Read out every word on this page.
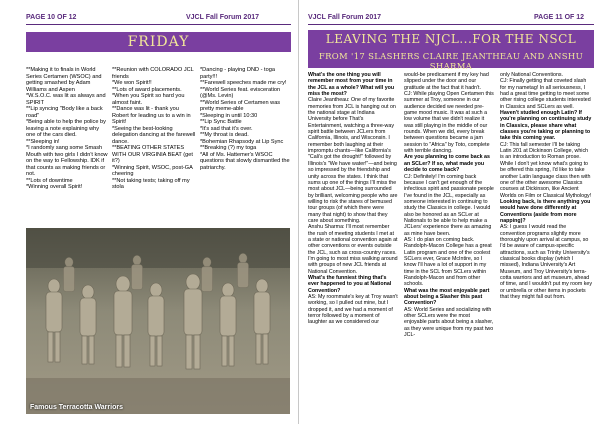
PAGE 10 OF 12	VJCL Fall Forum 2017
FRIDAY
**Making it to finals in World Series Certamen (WSOC) and getting smashed by Adam Williams and Aspen
*W.S.O.C. was lit as always and SPIRIT
**Lip syncing "Body like a back road"
*Being able to help the police by leaving a note explaining why one of the cars died.
**Sleeping in!
*I randomly sang some Smash Mouth with two girls I didn't know on the way to Fellowship. IDK if that counts as making friends or not.
**Lots of downtime
*Winning overall Spirit!
**Reunion with COLORADO JCL friends
*We won Spirit!!
**Lots of award placements.
*When you Spirit so hard you almost faint.
**Dance was lit - thank you Robert for leading us to a win in Spirit!
*Seeing the best-looking delegation dancing at the farewell dance.
**BEATING OTHER STATES WITH OUR VIRGINIA BEAT (get it?)
*Winning Spirit, WSOC, post-GA cheering
**Not taking tests; taking off my stola
*Dancing - playing DND - toga party!!!
**Farewell speeches made me cry!
**World Series feat. evisceration (@Ms. Levin)
**World Series of Certamen was pretty meme-able
*Sleeping in until 10:30
**Lip Sync Battle
*It's sad that it's over.
**My throat is dead.
*Bohemian Rhapsody at Lip Sync
**Breaking (?) my toga
*All of Ms. Hattemer's WSOC questions that slowly dismantled the patriarchy.
Famous Terracotta Warriors
VJCL Fall Forum 2017	PAGE 11 OF 12
LEAVING THE NJCL...FOR THE NSCL
FROM '17 SLASHERS CLAIRE JEANTHEAU AND ANSHU SHARMA
What's the one thing you will remember most from your time in the JCL as a whole? What will you miss the most?
Claire Jeantheau: One of my favorite memories from JCL is hanging out on the national stage at Indiana University before That's Entertainment, watching a three-way spirit battle between JCLers from California, Illinois, and Wisconsin. I remember both laughing at their impromptu chants—like California's "Cali's got the drought!" followed by Illinois's "We have water!"—and being so impressed by the friendship and unity across the states. I think that sums up one of the things I'll miss the most about JCL—being surrounded by brilliant, welcoming people who are willing to risk the stares of bemused tour groups (of which there were many that night) to show that they care about something.
Anshu Sharma: I'll most remember the rush of meeting students I met at a state or national convention again at other conventions or events outside the JCL, such as cross-country races. I'm going to most miss walking around with groups of new JCL friends at National Convention.
What's the funniest thing that's ever happened to you at National Convention?
AS: My roommate's key at Troy wasn't working, so I pulled out mine, but I dropped it, and we had a moment of terror followed by a moment of laughter as we considered our
would-be predicament if my key had slipped under the door and our gratitude at the fact that it hadn't.
CJ: While playing Open Certamen this summer at Troy, someone in our audience decided we needed pre-game mood music. It was at such a low volume that we didn't realize it was still playing in the middle of our rounds. When we did, every break between questions became a jam session to "Africa" by Toto, complete with terrible dancing.
Are you planning to come back as an SCLer? If so, what made you decide to come back?
CJ: Definitely! I'm coming back because I can't get enough of the infectious spirit and passionate people I've found in the JCL, especially as someone interested in continuing to study the Classics in college. I would also be honored as an SCLer at Nationals to be able to help make a JCLers' experience there as amazing as mine have been.
AS: I do plan on coming back. Randolph-Macon College has a great Latin program and one of the coolest SCLers ever, Grace McIntire, so I know I'll have a lot of support in my time in the SCL from SCLers within Randolph-Macon and from other schools.
What was the most enjoyable part about being a Slasher this past Convention?
AS: World Series and socializing with other SCLers were the most enjoyable parts about being a slasher, as they were unique from my past two JCL-
only National Conventions.
CJ: Finally getting that coveted slash for my nametag! In all seriousness, I had a great time getting to meet some other rising college students interested in Classics and SCLers as well.
Haven't studied enough Latin? If you're planning on continuing study in Classics, please share what classes you're taking or planning to take this coming year.
CJ: This fall semester I'll be taking Latin 201 at Dickinson College, which is an introduction to Roman prose. While I don't yet know what's going to be offered this spring, I'd like to take another Latin language class then with one of the other awesome Classics courses at Dickinson, like Ancient Worlds on Film or Classical Mythology!
Looking back, is there anything you would have done differently at Conventions (aside from more napping)?
AS: I guess I would read the convention programs slightly more thoroughly upon arrival at campus, so I'd be aware of campus-specific attractions, such as Trinity University's classical books display (which I missed), Indiana University's Art Museum, and Troy University's terra-cotta warriors and art museum, ahead of time, and I wouldn't put my room key or umbrella or other items in pockets that they might fall out from.
